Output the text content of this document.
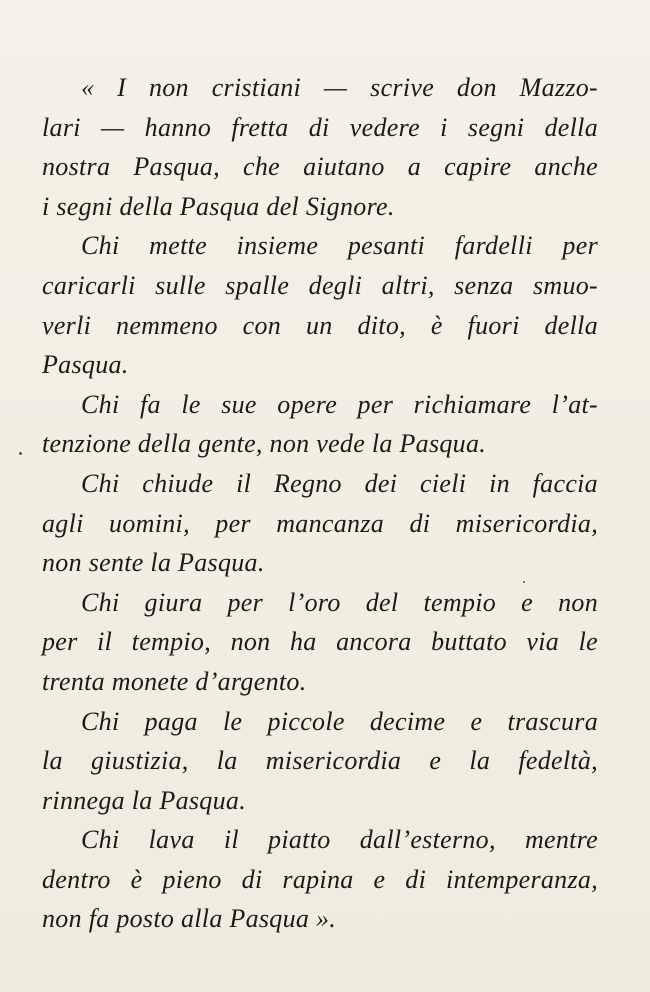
« I non cristiani — scrive don Mazzo-
lari — hanno fretta di vedere i segni della
nostra Pasqua, che aiutano a capire anche
i segni della Pasqua del Signore.

Chi mette insieme pesanti fardelli per
caricarli sulle spalle degli altri, senza smuo-
verli nemmeno con un dito, è fuori della
Pasqua.

Chi fa le sue opere per richiamare l’at-
tenzione della gente, non vede la Pasqua.

Chi chiude il Regno dei cieli in faccia
agli uomini, per mancanza di misericordia,
non sente la Pasqua.

Chi giura per l’oro del tempio e non
per il tempio, non ha ancora buttato via le
trenta monete d’argento.

Chi paga le piccole decime e trascura
la giustizia, la misericordia e la fedeltà,
rinnega la Pasqua.

Chi lava il piatto dall’esterno, mentre
dentro è pieno di rapina e di intemperanza,
non fa posto alla Pasqua ».
